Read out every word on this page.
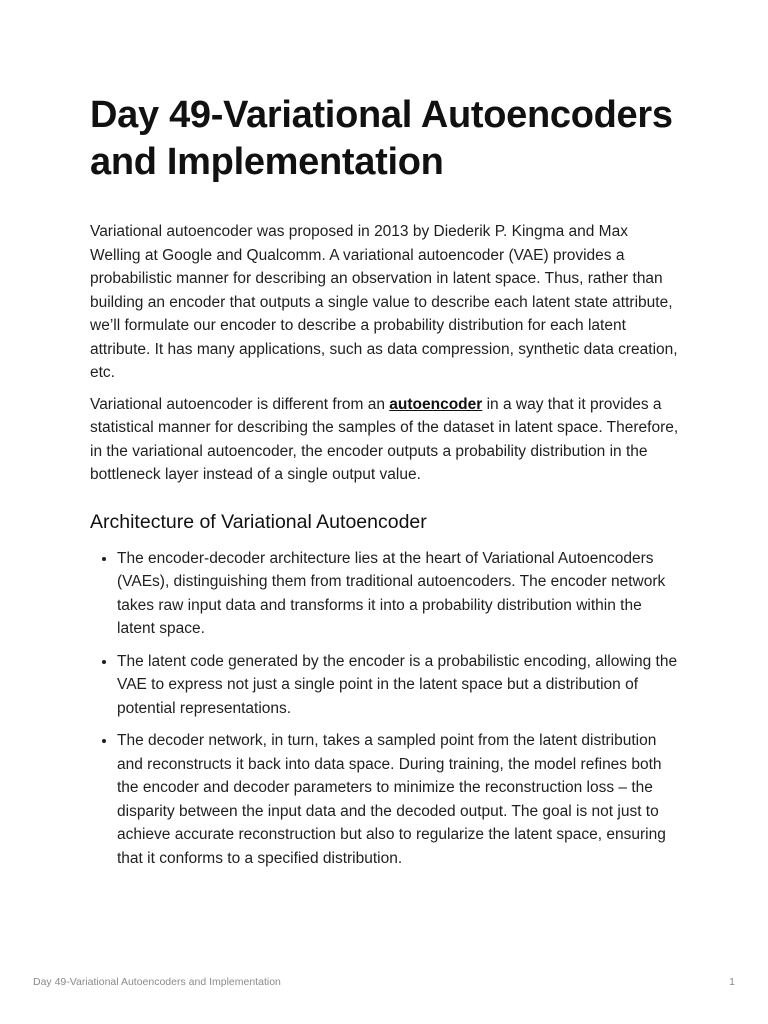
Day 49-Variational Autoencoders and Implementation

Variational autoencoder was proposed in 2013 by Diederik P. Kingma and Max Welling at Google and Qualcomm. A variational autoencoder (VAE) provides a probabilistic manner for describing an observation in latent space. Thus, rather than building an encoder that outputs a single value to describe each latent state attribute, we’ll formulate our encoder to describe a probability distribution for each latent attribute. It has many applications, such as data compression, synthetic data creation, etc.

Variational autoencoder is different from an autoencoder in a way that it provides a statistical manner for describing the samples of the dataset in latent space. Therefore, in the variational autoencoder, the encoder outputs a probability distribution in the bottleneck layer instead of a single output value.

Architecture of Variational Autoencoder
• The encoder-decoder architecture lies at the heart of Variational Autoencoders (VAEs), distinguishing them from traditional autoencoders. The encoder network takes raw input data and transforms it into a probability distribution within the latent space.
• The latent code generated by the encoder is a probabilistic encoding, allowing the VAE to express not just a single point in the latent space but a distribution of potential representations.
• The decoder network, in turn, takes a sampled point from the latent distribution and reconstructs it back into data space. During training, the model refines both the encoder and decoder parameters to minimize the reconstruction loss – the disparity between the input data and the decoded output. The goal is not just to achieve accurate reconstruction but also to regularize the latent space, ensuring that it conforms to a specified distribution.
Day 49-Variational Autoencoders and Implementation	1
